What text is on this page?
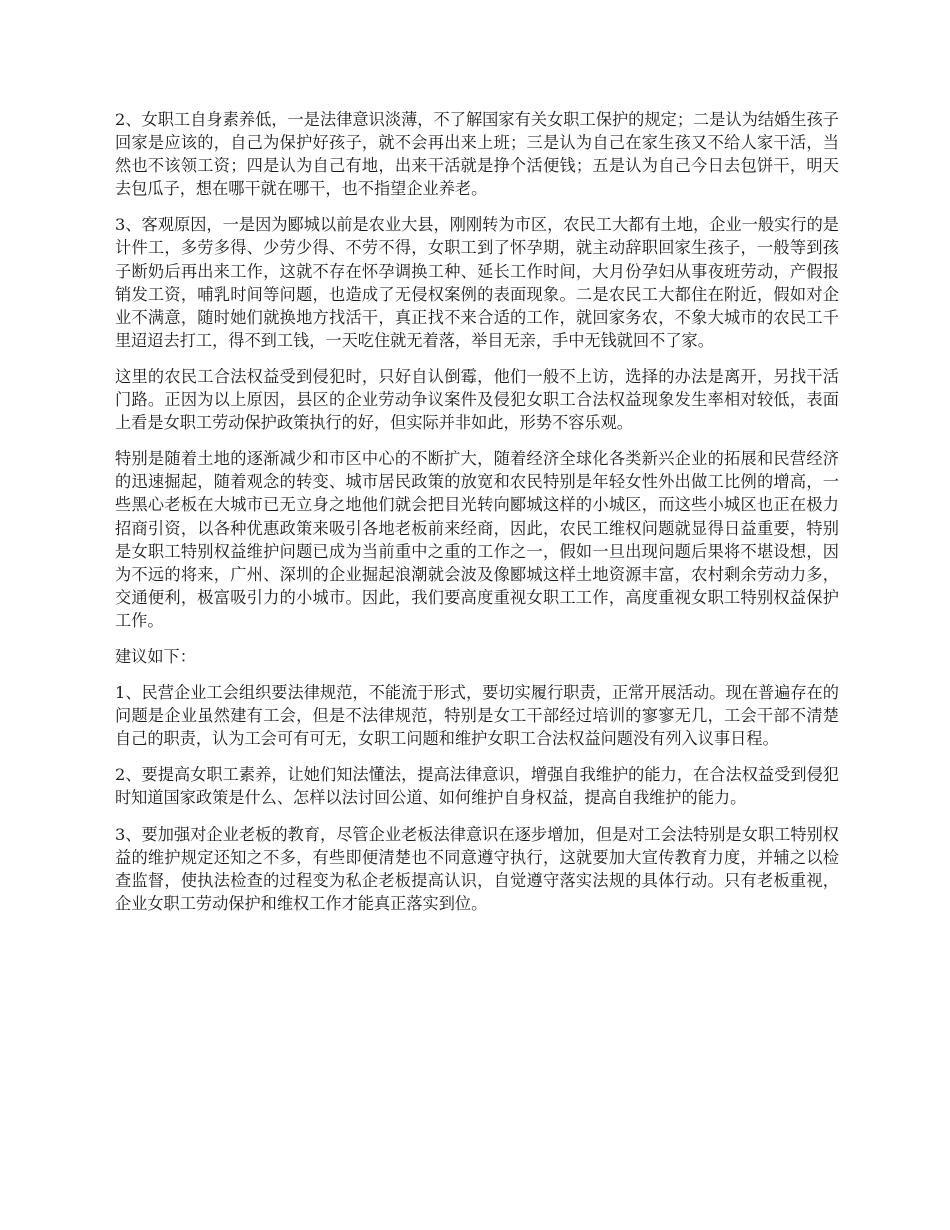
2、女职工自身素养低，一是法律意识淡薄，不了解国家有关女职工保护的规定；二是认为结婚生孩子回家是应该的，自己为保护好孩子，就不会再出来上班；三是认为自己在家生孩又不给人家干活，当然也不该领工资；四是认为自己有地，出来干活就是挣个活便钱；五是认为自己今日去包饼干，明天去包瓜子，想在哪干就在哪干，也不指望企业养老。

3、客观原因，一是因为郾城以前是农业大县，刚刚转为市区，农民工大都有土地，企业一般实行的是计件工，多劳多得、少劳少得、不劳不得，女职工到了怀孕期，就主动辞职回家生孩子，一般等到孩子断奶后再出来工作，这就不存在怀孕调换工种、延长工作时间，大月份孕妇从事夜班劳动，产假报销发工资，哺乳时间等问题，也造成了无侵权案例的表面现象。二是农民工大都住在附近，假如对企业不满意，随时她们就换地方找活干，真正找不来合适的工作，就回家务农，不象大城市的农民工千里迢迢去打工，得不到工钱，一天吃住就无着落，举目无亲，手中无钱就回不了家。

这里的农民工合法权益受到侵犯时，只好自认倒霉，他们一般不上访，选择的办法是离开，另找干活门路。正因为以上原因，县区的企业劳动争议案件及侵犯女职工合法权益现象发生率相对较低，表面上看是女职工劳动保护政策执行的好，但实际并非如此，形势不容乐观。

特别是随着土地的逐渐减少和市区中心的不断扩大，随着经济全球化各类新兴企业的拓展和民营经济的迅速掘起，随着观念的转变、城市居民政策的放宽和农民特别是年轻女性外出做工比例的增高，一些黑心老板在大城市已无立身之地他们就会把目光转向郾城这样的小城区，而这些小城区也正在极力招商引资，以各种优惠政策来吸引各地老板前来经商，因此，农民工维权问题就显得日益重要，特别是女职工特别权益维护问题已成为当前重中之重的工作之一，假如一旦出现问题后果将不堪设想，因为不远的将来，广州、深圳的企业掘起浪潮就会波及像郾城这样土地资源丰富，农村剩余劳动力多，交通便利，极富吸引力的小城市。因此，我们要高度重视女职工工作，高度重视女职工特别权益保护工作。

建议如下：

1、民营企业工会组织要法律规范，不能流于形式，要切实履行职责，正常开展活动。现在普遍存在的问题是企业虽然建有工会，但是不法律规范，特别是女工干部经过培训的寥寥无几，工会干部不清楚自己的职责，认为工会可有可无，女职工问题和维护女职工合法权益问题没有列入议事日程。

2、要提高女职工素养，让她们知法懂法，提高法律意识，增强自我维护的能力，在合法权益受到侵犯时知道国家政策是什么、怎样以法讨回公道、如何维护自身权益，提高自我维护的能力。

3、要加强对企业老板的教育，尽管企业老板法律意识在逐步增加，但是对工会法特别是女职工特别权益的维护规定还知之不多，有些即便清楚也不同意遵守执行，这就要加大宣传教育力度，并辅之以检查监督，使执法检查的过程变为私企老板提高认识，自觉遵守落实法规的具体行动。只有老板重视，企业女职工劳动保护和维权工作才能真正落实到位。
